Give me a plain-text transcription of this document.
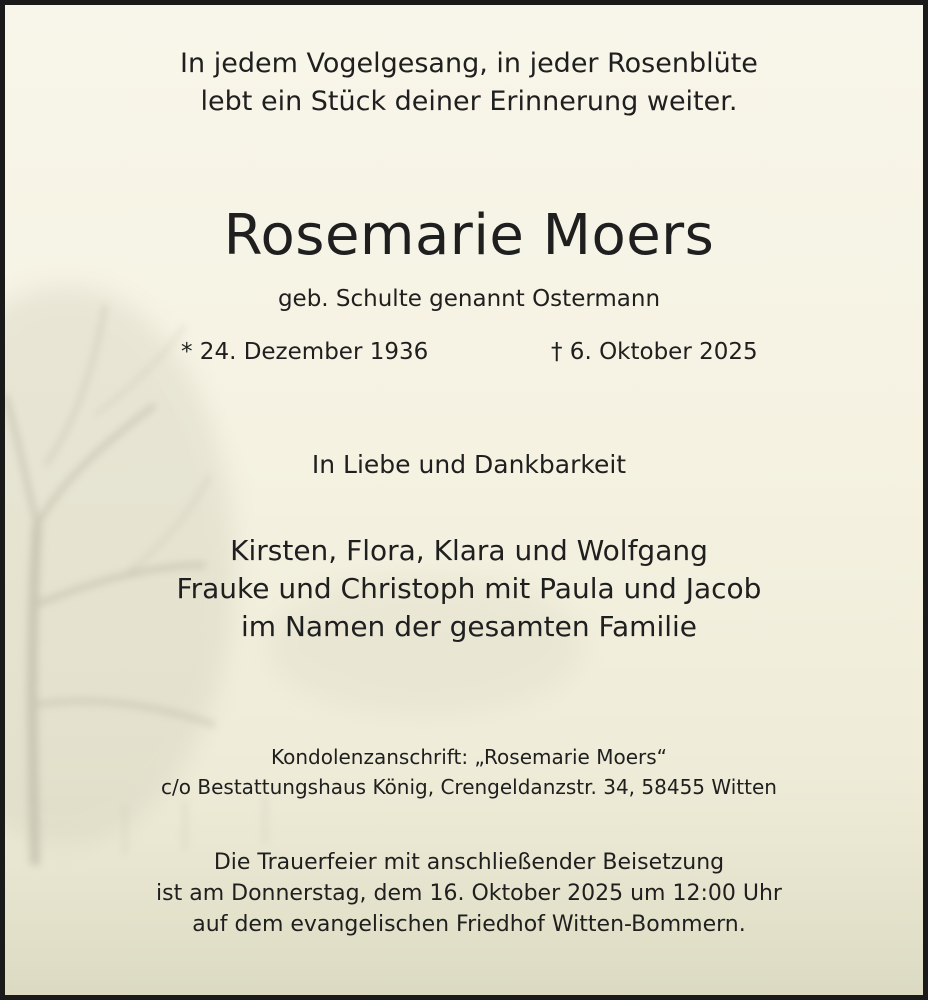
In jedem Vogelgesang, in jeder Rosenblüte
lebt ein Stück deiner Erinnerung weiter.
Rosemarie Moers
geb. Schulte genannt Ostermann
* 24. Dezember 1936	† 6. Oktober 2025
In Liebe und Dankbarkeit
Kirsten, Flora, Klara und Wolfgang
Frauke und Christoph mit Paula und Jacob
im Namen der gesamten Familie
Kondolenzanschrift: „Rosemarie Moers“
c/o Bestattungshaus König, Crengeldanzstr. 34, 58455 Witten
Die Trauerfeier mit anschließender Beisetzung
ist am Donnerstag, dem 16. Oktober 2025 um 12:00 Uhr
auf dem evangelischen Friedhof Witten-Bommern.
